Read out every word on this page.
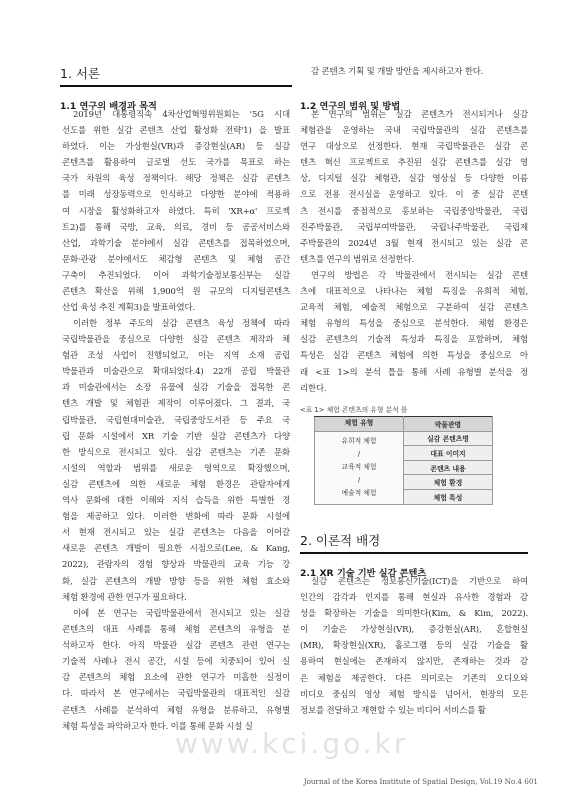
1. 서론
1.1 연구의 배경과 목적
2019년 대통령직속 4차산업혁명위원회는 '5G 시대
선도를 위한 실감 콘텐츠 산업 활성화 전략'1) 을 발표
하였다. 이는 가상현실(VR)과 증강현실(AR) 등 실감
콘텐츠를 활용하여 글로벌 선도 국가를 목표로 하는
국가 차원의 육성 정책이다. 해당 정책은 실감 콘텐츠
를 미래 성장동력으로 인식하고 다양한 분야에 적용하
여 시장을 활성화하고자 하였다. 특히 'XR+α' 프로젝
트2)를 통해 국방, 교육, 의료, 경비 등 공공서비스와
산업, 과학기술 분야에서 실감 콘텐츠를 접목하였으며,
문화·관광 분야에서도 체감형 콘텐츠 및 체험 공간
구축이 추진되었다. 이어 과학기술정보통신부는 실감
콘텐츠 확산을 위해 1,900억 원 규모의 디지털콘텐츠
산업 육성 추진 계획3)을 발표하였다.
이러한 정부 주도의 실감 콘텐츠 육성 정책에 따라
국립박물관을 중심으로 다양한 실감 콘텐츠 제작과 체
험관 조성 사업이 진행되었고, 이는 지역 소재 공립
박물관과 미술관으로 확대되었다.4) 22개 공립 박물관
과 미술관에서는 소장 유물에 실감 기술을 접목한 콘
텐츠 개발 및 체험관 제작이 이루어졌다. 그 결과, 국
립박물관, 국립현대미술관, 국립중앙도서관 등 주요 국
립 문화 시설에서 XR 기술 기반 실감 콘텐츠가 다양
한 방식으로 전시되고 있다. 실감 콘텐츠는 기존 문화
시설의 역할과 범위를 새로운 영역으로 확장했으며,
실감 콘텐츠에 의한 새로운 체험 환경은 관람자에게
역사 문화에 대한 이해와 지식 습득을 위한 특별한 경
험을 제공하고 있다. 이러한 변화에 따라 문화 시설에
서 현재 전시되고 있는 실감 콘텐츠는 다음을 이어갈
새로운 콘텐츠 개발이 필요한 시점으로(Lee, & Kang,
2022), 관람자의 경험 향상과 박물관의 교육 기능 강
화, 실감 콘텐츠의 개발 방향 등을 위한 체험 효소와
체험 환경에 관한 연구가 필요하다.
이에 본 연구는 국립박물관에서 전시되고 있는 실감
콘텐츠의 대표 사례를 통해 체험 콘텐츠의 유형을 분
석하고자 한다. 아직 박물관 실감 콘텐츠 관련 연구는
기술적 사례나 전시 공간, 시설 등에 치중되어 있어 실
감 콘텐츠의 체험 요소에 관한 연구가 미흡한 실정이
다. 따라서 본 연구에서는 국립박물관의 대표적인 실감
콘텐츠 사례를 분석하여 체험 유형을 분류하고, 유형별
체험 특성을 파악하고자 한다. 이를 통해 문화 시설 실
감 콘텐츠 기획 및 개발 방안을 제시하고자 한다.
1.2 연구의 범위 및 방법
본 연구의 범위는 실감 콘텐츠가 전시되거나 실감
체험관을 운영하는 국내 국립박물관의 실감 콘텐츠를
연구 대상으로 선정한다. 현재 국립박물관은 실감 콘
텐츠 혁신 프로젝트로 추진된 실감 콘텐츠를 실감 영
상, 디지털 실감 체험관, 실감 영상실 등 다양한 이름
으로 전용 전시실을 운영하고 있다. 이 중 실감 콘텐
츠 전시를 중점적으로 홍보하는 국립중앙박물관, 국립
진주박물관, 국립부여박물관, 국립나주박물관, 국립제
주박물관의 2024년 3월 현재 전시되고 있는 실감 콘
텐츠를 연구의 범위로 선정한다.
연구의 방법은 각 박물관에서 전시되는 실감 콘텐
츠에 대표적으로 나타나는 체험 특징을 유희적 체험,
교육적 체험, 예술적 체험으로 구분하여 실감 콘텐츠
체험 유형의 특성을 중심으로 분석한다. 체험 환경은
실감 콘텐츠의 기술적 특성과 특징을 포함하며, 체험
특성은 실감 콘텐츠 체험에 의한 특성을 중심으로 아
래 <표 1>의 분석 틀을 통해 사례 유형별 분석을 정
리한다.
<표 1> 체험 콘텐츠의 유형 분석 틀
체험 유형	박물관명

유희적 체험
/
교육적 체험
/
예술적 체험	실감 콘텐츠명
	대표 이미지
	콘텐츠 내용
	체험 환경
	체험 특성
2. 이론적 배경
2.1 XR 기술 기반 실감 콘텐츠
실감 콘텐츠는 정보통신기술(ICT)을 기반으로 하여
인간의 감각과 인지를 통해 현실과 유사한 경험과 감
성을 확장하는 기술을 의미한다(Kim, & Kim, 2022).
이 기술은 가상현실(VR), 증강현실(AR), 혼합현실
(MR), 확장현실(XR), 홀로그램 등의 실감 기술을 활
용하여 현실에는 존재하지 않지만, 존재하는 것과 감
은 체험을 제공한다. 다른 의미로는 기존의 오디오와
비디오 중심의 영상 체험 방식을 넘어서, 현장의 모든
정보를 전달하고 재현할 수 있는 비디어 서비스를 활
www.kci.go.kr
Journal of the Korea Institute of Spatial Design, Vol.19 No.4 601
